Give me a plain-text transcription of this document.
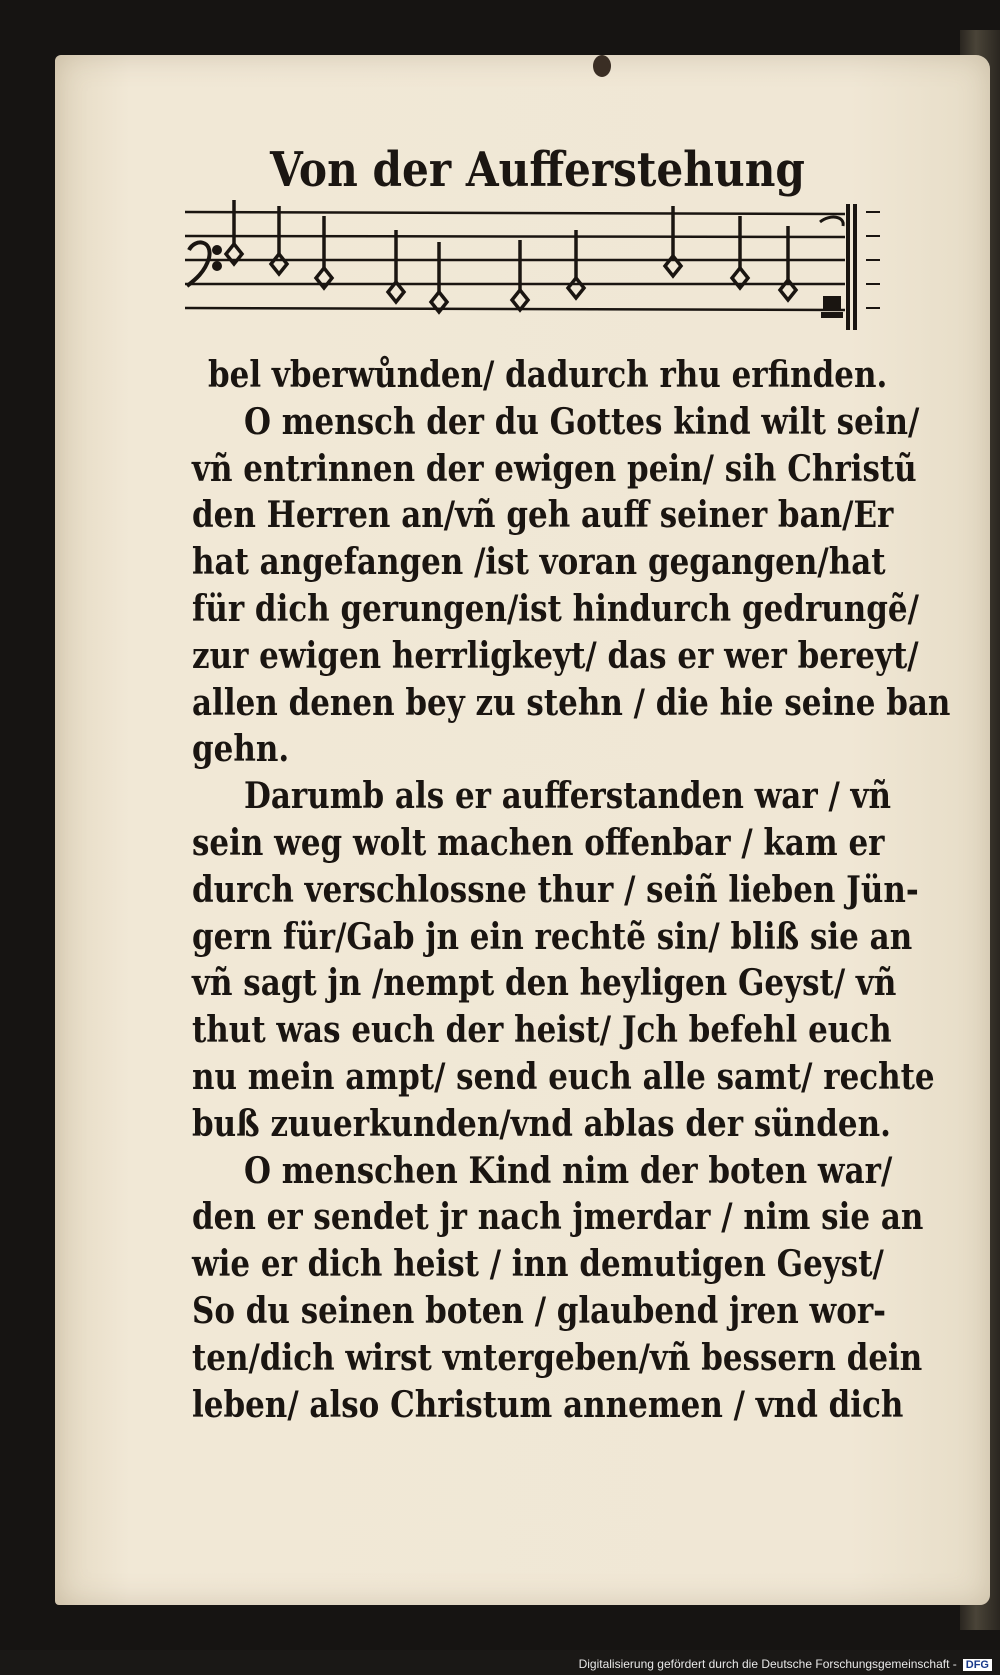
Von der Aufferstehung
bel vberwůnden/ dadurch rhu erfinden.
O mensch der du Gottes kind wilt sein/
vñ entrinnen der ewigen pein/ sih Christũ
den Herren an/vñ geh auff seiner ban/Er
hat angefangen /ist voran gegangen/hat
für dich gerungen/ist hindurch gedrungẽ/
zur ewigen herrligkeyt/ das er wer bereyt/
allen denen bey zu stehn / die hie seine ban
gehn.
Darumb als er aufferstanden war / vñ
sein weg wolt machen offenbar / kam er
durch verschlossne thur / seiñ lieben Jün-
gern für/Gab jn ein rechtẽ sin/ bliß sie an
vñ sagt jn /nempt den heyligen Geyst/ vñ
thut was euch der heist/ Jch befehl euch
nu mein ampt/ send euch alle samt/ rechte
buß zuuerkunden/vnd ablas der sünden.
O menschen Kind nim der boten war/
den er sendet jr nach jmerdar / nim sie an
wie er dich heist / inn demutigen Geyst/
So du seinen boten / glaubend jren wor-
ten/dich wirst vntergeben/vñ bessern dein
leben/ also Christum annemen / vnd dich
Digitalisierung gefördert durch die Deutsche Forschungsgemeinschaft - DFG
